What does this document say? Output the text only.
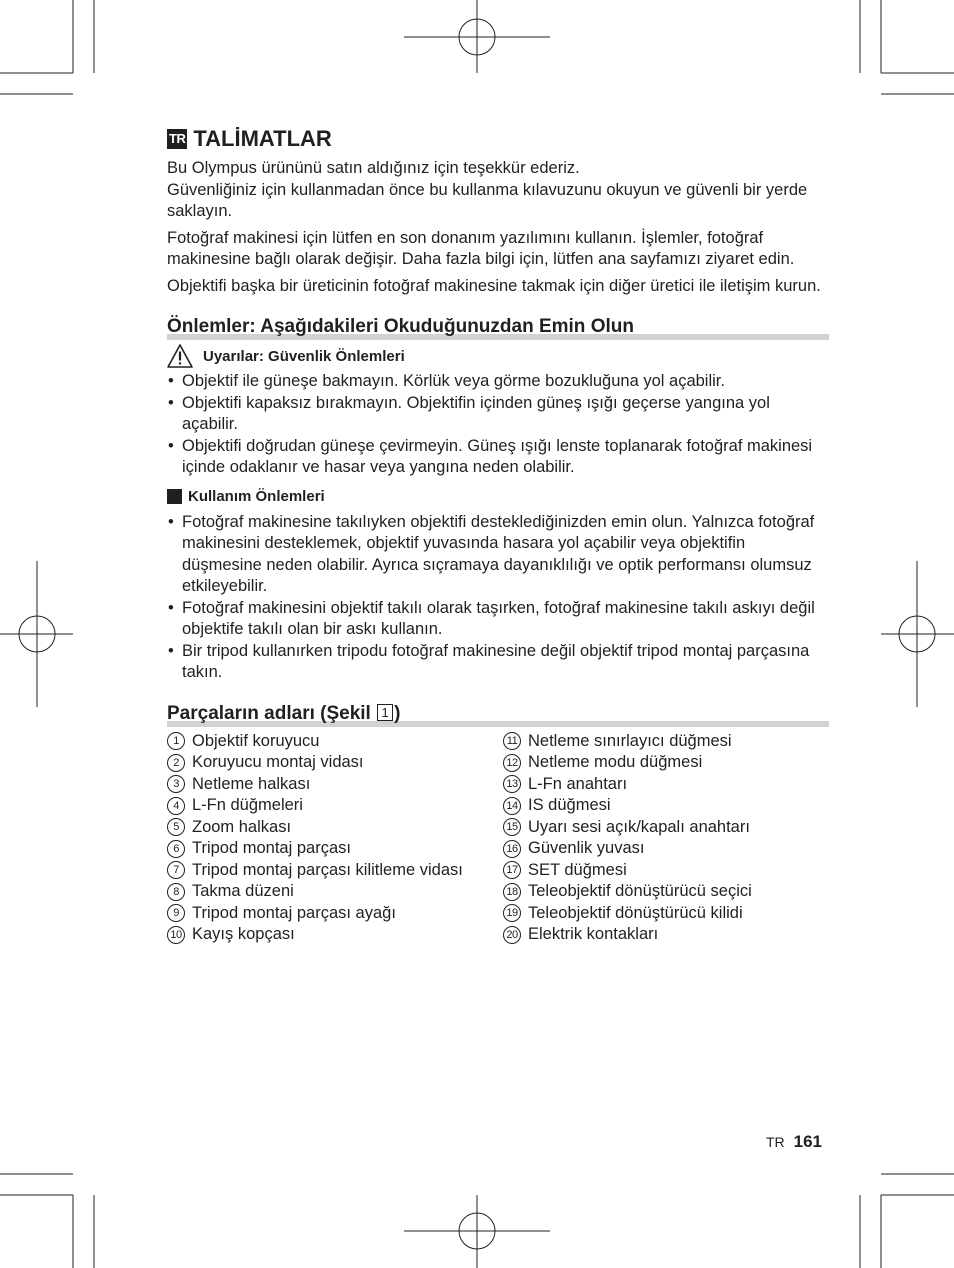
TR TALİMATLAR

Bu Olympus ürününü satın aldığınız için teşekkür ederiz.
Güvenliğiniz için kullanmadan önce bu kullanma kılavuzunu okuyun ve güvenli bir yerde saklayın.

Fotoğraf makinesi için lütfen en son donanım yazılımını kullanın. İşlemler, fotoğraf makinesine bağlı olarak değişir. Daha fazla bilgi için, lütfen ana sayfamızı ziyaret edin.

Objektifi başka bir üreticinin fotoğraf makinesine takmak için diğer üretici ile iletişim kurun.

Önlemler: Aşağıdakileri Okuduğunuzdan Emin Olun
Uyarılar: Güvenlik Önlemleri
• Objektif ile güneşe bakmayın. Körlük veya görme bozukluğuna yol açabilir.
• Objektifi kapaksız bırakmayın. Objektifin içinden güneş ışığı geçerse yangına yol açabilir.
• Objektifi doğrudan güneşe çevirmeyin. Güneş ışığı lenste toplanarak fotoğraf makinesi içinde odaklanır ve hasar veya yangına neden olabilir.
Kullanım Önlemleri
• Fotoğraf makinesine takılıyken objektifi desteklediğinizden emin olun. Yalnızca fotoğraf makinesini desteklemek, objektif yuvasında hasara yol açabilir veya objektifin düşmesine neden olabilir. Ayrıca sıçramaya dayanıklılığı ve optik performansı olumsuz etkileyebilir.
• Fotoğraf makinesini objektif takılı olarak taşırken, fotoğraf makinesine takılı askıyı değil objektife takılı olan bir askı kullanın.
• Bir tripod kullanırken tripodu fotoğraf makinesine değil objektif tripod montaj parçasına takın.
Parçaların adları (Şekil 1 )
1 Objektif koruyucu
2 Koruyucu montaj vidası
3 Netleme halkası
4 L-Fn düğmeleri
5 Zoom halkası
6 Tripod montaj parçası
7 Tripod montaj parçası kilitleme vidası
8 Takma düzeni
9 Tripod montaj parçası ayağı
10 Kayış kopçası
11 Netleme sınırlayıcı düğmesi
12 Netleme modu düğmesi
13 L-Fn anahtarı
14 IS düğmesi
15 Uyarı sesi açık/kapalı anahtarı
16 Güvenlik yuvası
17 SET düğmesi
18 Teleobjektif dönüştürücü seçici
19 Teleobjektif dönüştürücü kilidi
20 Elektrik kontakları
TR 161
